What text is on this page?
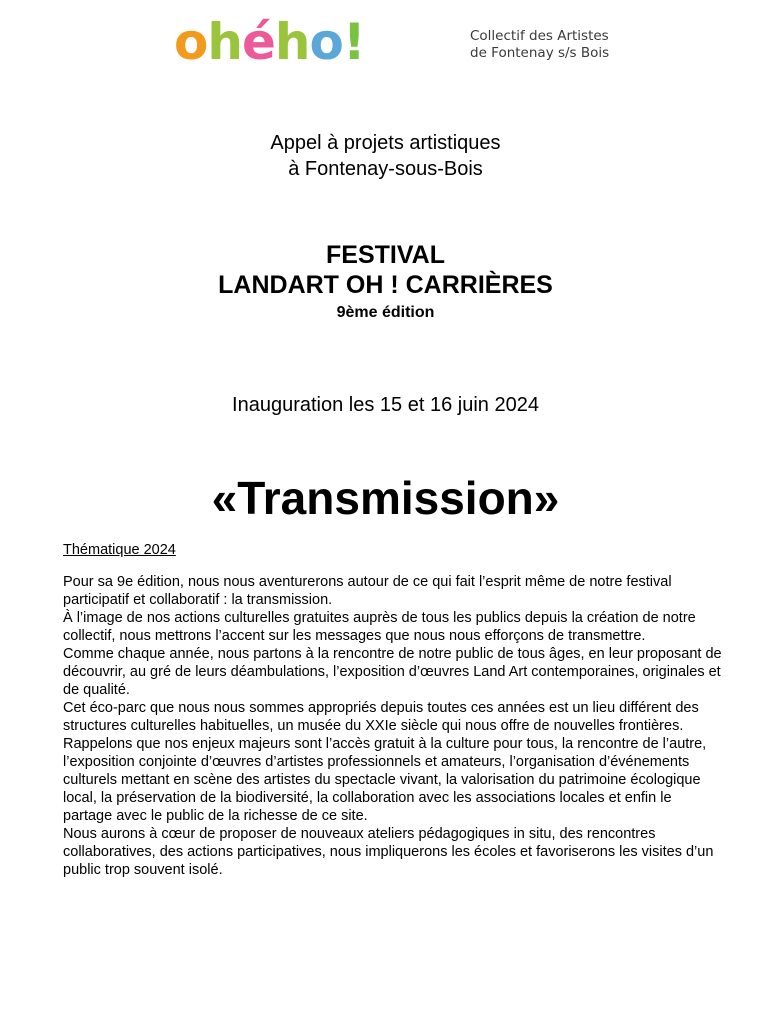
ohého!	Collectif des Artistes
de Fontenay s/s Bois
Appel à projets artistiques
à Fontenay-sous-Bois
FESTIVAL
LANDART OH ! CARRIÈRES
9ème édition
Inauguration les 15 et 16 juin 2024
«Transmission»
Thématique 2024

Pour sa 9e édition, nous nous aventurerons autour de ce qui fait l’esprit même de notre festival participatif et collaboratif : la transmission.

À l’image de nos actions culturelles gratuites auprès de tous les publics depuis la création de notre collectif, nous mettrons l’accent sur les messages que nous nous efforçons de transmettre.

Comme chaque année, nous partons à la rencontre de notre public de tous âges, en leur proposant de découvrir, au gré de leurs déambulations, l’exposition d’œuvres Land Art contemporaines, originales et de qualité.

Cet éco-parc que nous nous sommes appropriés depuis toutes ces années est un lieu différent des structures culturelles habituelles, un musée du XXIe siècle qui nous offre de nouvelles frontières.

Rappelons que nos enjeux majeurs sont l’accès gratuit à la culture pour tous, la rencontre de l’autre, l’exposition conjointe d’œuvres d’artistes professionnels et amateurs, l’organisation d’événements culturels mettant en scène des artistes du spectacle vivant, la valorisation du patrimoine écologique local, la préservation de la biodiversité, la collaboration avec les associations locales et enfin le partage avec le public de la richesse de ce site.

Nous aurons à cœur de proposer de nouveaux ateliers pédagogiques in situ, des rencontres collaboratives, des actions participatives, nous impliquerons les écoles et favoriserons les visites d’un public trop souvent isolé.
